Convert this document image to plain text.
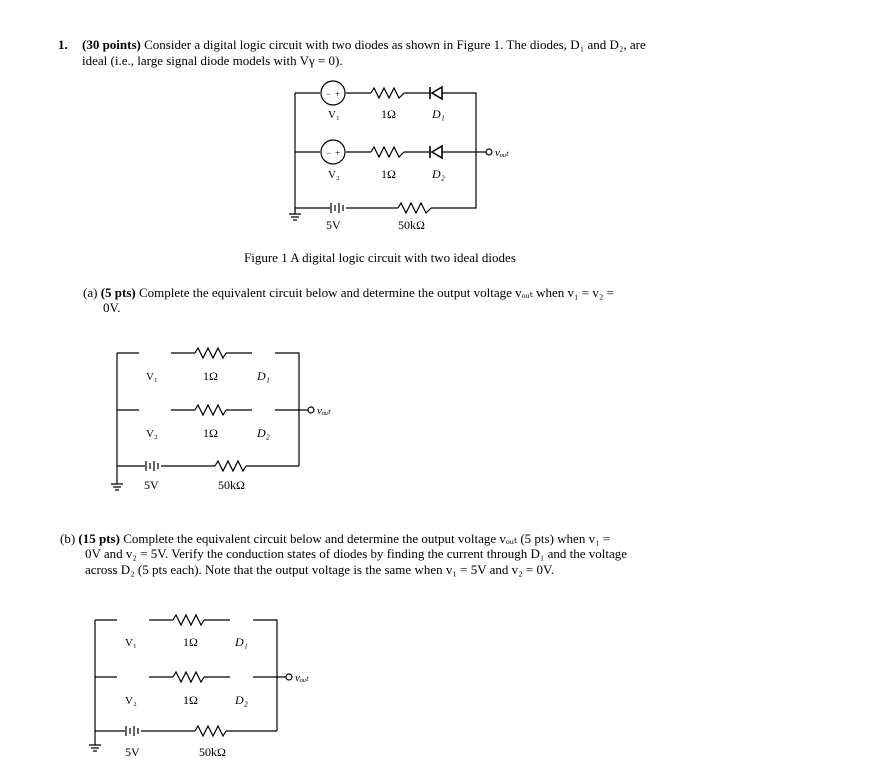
1. (30 points) Consider a digital logic circuit with two diodes as shown in Figure 1. The diodes, D₁ and D₂, are
ideal (i.e., large signal diode models with Vγ = 0).
− +
− +
V₁	1Ω	D₁
V₂	1Ω	D₂
5V	50kΩ
vₒᵤₜ
Figure 1 A digital logic circuit with two ideal diodes
(a) (5 pts) Complete the equivalent circuit below and determine the output voltage vₒᵤₜ when v₁ = v₂ =
0V.
V₁	1Ω	D₁
V₂	1Ω	D₂
5V	50kΩ
vₒᵤₜ
(b) (15 pts) Complete the equivalent circuit below and determine the output voltage vₒᵤₜ (5 pts) when v₁ =
0V and v₂ = 5V. Verify the conduction states of diodes by finding the current through D₁ and the voltage
across D₂ (5 pts each). Note that the output voltage is the same when v₁ = 5V and v₂ = 0V.
V₁	1Ω	D₁
V₂	1Ω	D₂
5V	50kΩ
vₒᵤₜ
